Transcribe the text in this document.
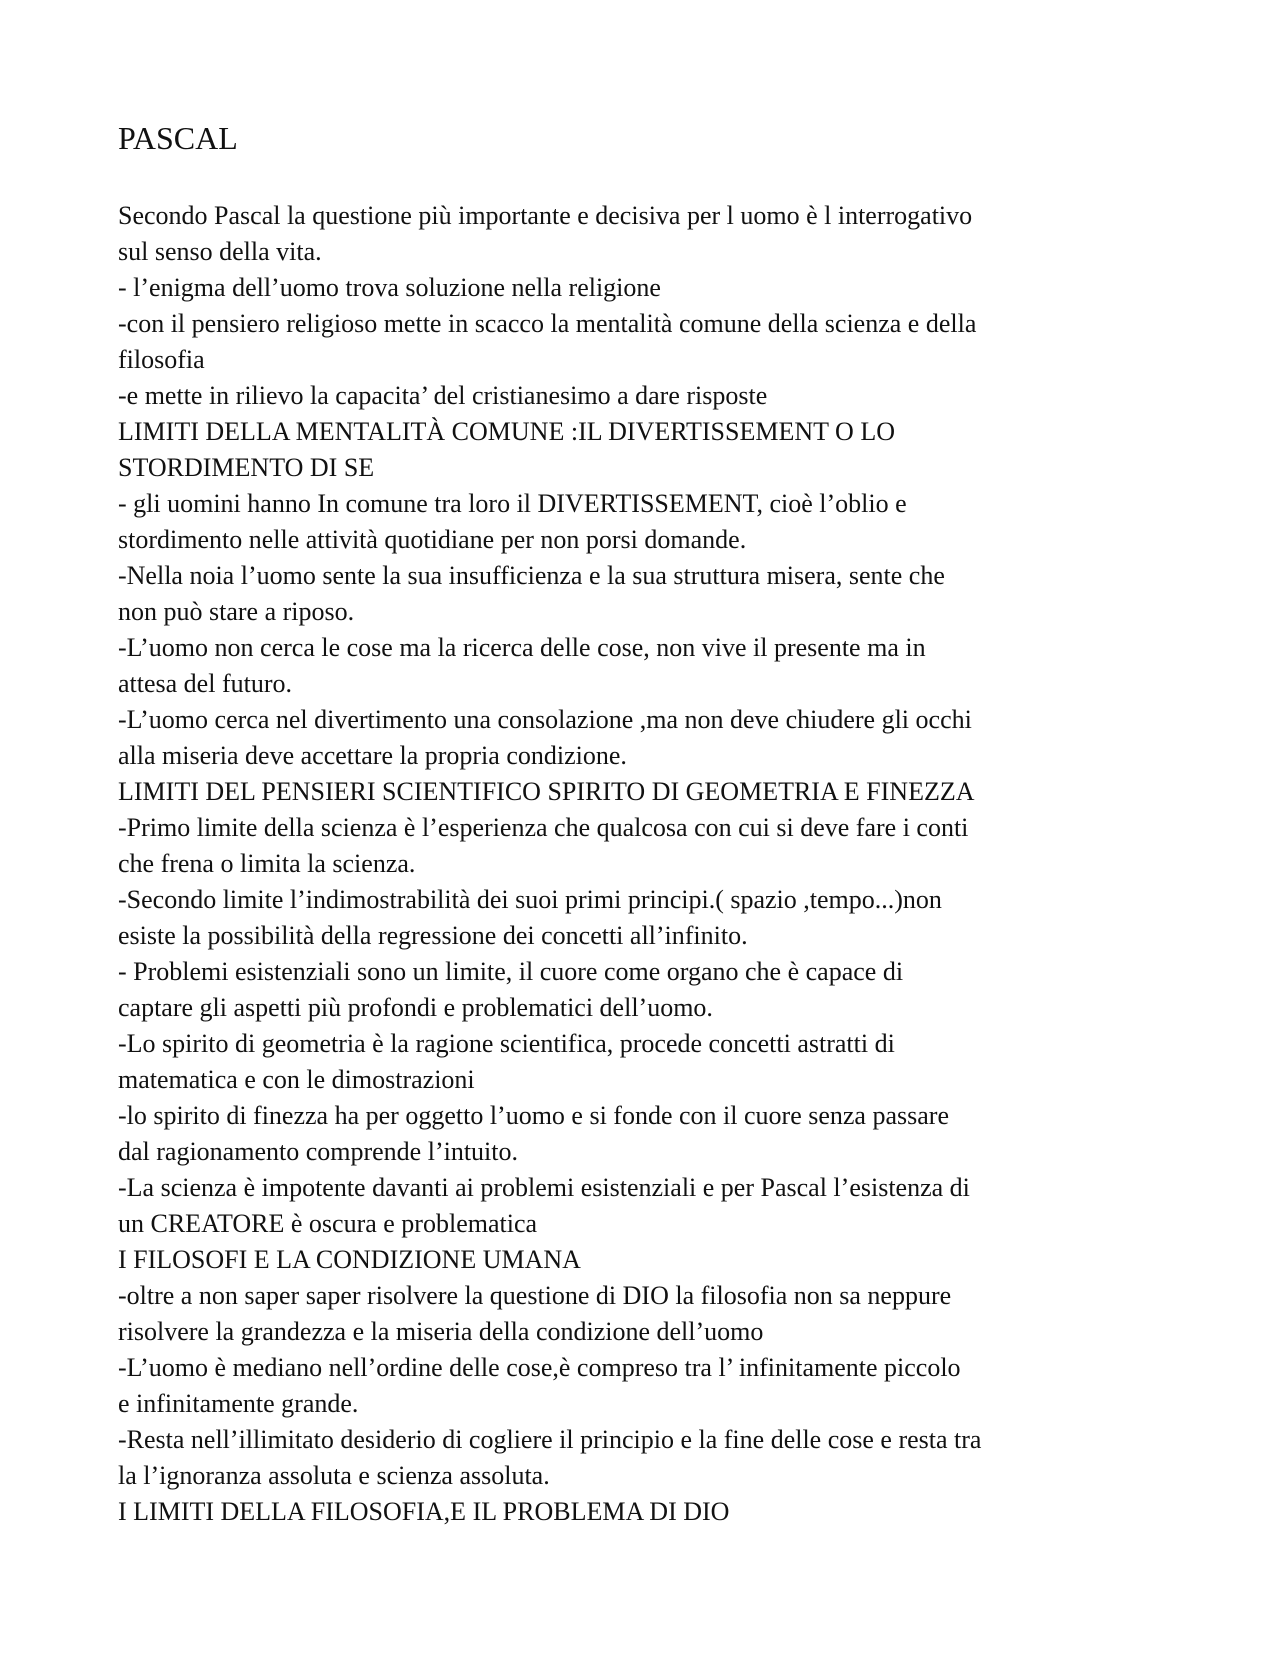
PASCAL
Secondo Pascal la questione più importante e decisiva per l uomo è l interrogativo
sul senso della vita.
- l’enigma dell’uomo trova soluzione nella religione
-con il pensiero religioso mette in scacco la mentalità comune della scienza e della
filosofia
-e mette in rilievo la capacita’ del cristianesimo a dare risposte
LIMITI DELLA MENTALITÀ COMUNE :IL DIVERTISSEMENT O LO
STORDIMENTO DI SE
- gli uomini hanno In comune tra loro il DIVERTISSEMENT, cioè l’oblio e
stordimento nelle attività quotidiane per non porsi domande.
-Nella noia l’uomo sente la sua insufficienza e la sua struttura misera, sente che
non può stare a riposo.
-L’uomo non cerca le cose ma la ricerca delle cose, non vive il presente ma in
attesa del futuro.
-L’uomo cerca nel divertimento una consolazione ,ma non deve chiudere gli occhi
alla miseria deve accettare la propria condizione.
LIMITI DEL PENSIERI SCIENTIFICO SPIRITO DI GEOMETRIA E FINEZZA
-Primo limite della scienza è l’esperienza che qualcosa con cui si deve fare i conti
che frena o limita la scienza.
-Secondo limite l’indimostrabilità dei suoi primi principi.( spazio ,tempo...)non
esiste la possibilità della regressione dei concetti all’infinito.
- Problemi esistenziali sono un limite, il cuore come organo che è capace di
captare gli aspetti più profondi e problematici dell’uomo.
-Lo spirito di geometria è la ragione scientifica, procede concetti astratti di
matematica e con le dimostrazioni
-lo spirito di finezza ha per oggetto l’uomo e si fonde con il cuore senza passare
dal ragionamento comprende l’intuito.
-La scienza è impotente davanti ai problemi esistenziali e per Pascal l’esistenza di
un CREATORE è oscura e problematica
I FILOSOFI E LA CONDIZIONE UMANA
-oltre a non saper saper risolvere la questione di DIO la filosofia non sa neppure
risolvere la grandezza e la miseria della condizione dell’uomo
-L’uomo è mediano nell’ordine delle cose,è compreso tra l’ infinitamente piccolo
e infinitamente grande.
-Resta nell’illimitato desiderio di cogliere il principio e la fine delle cose e resta tra
la l’ignoranza assoluta e scienza assoluta.
I LIMITI DELLA FILOSOFIA,E IL PROBLEMA DI DIO
